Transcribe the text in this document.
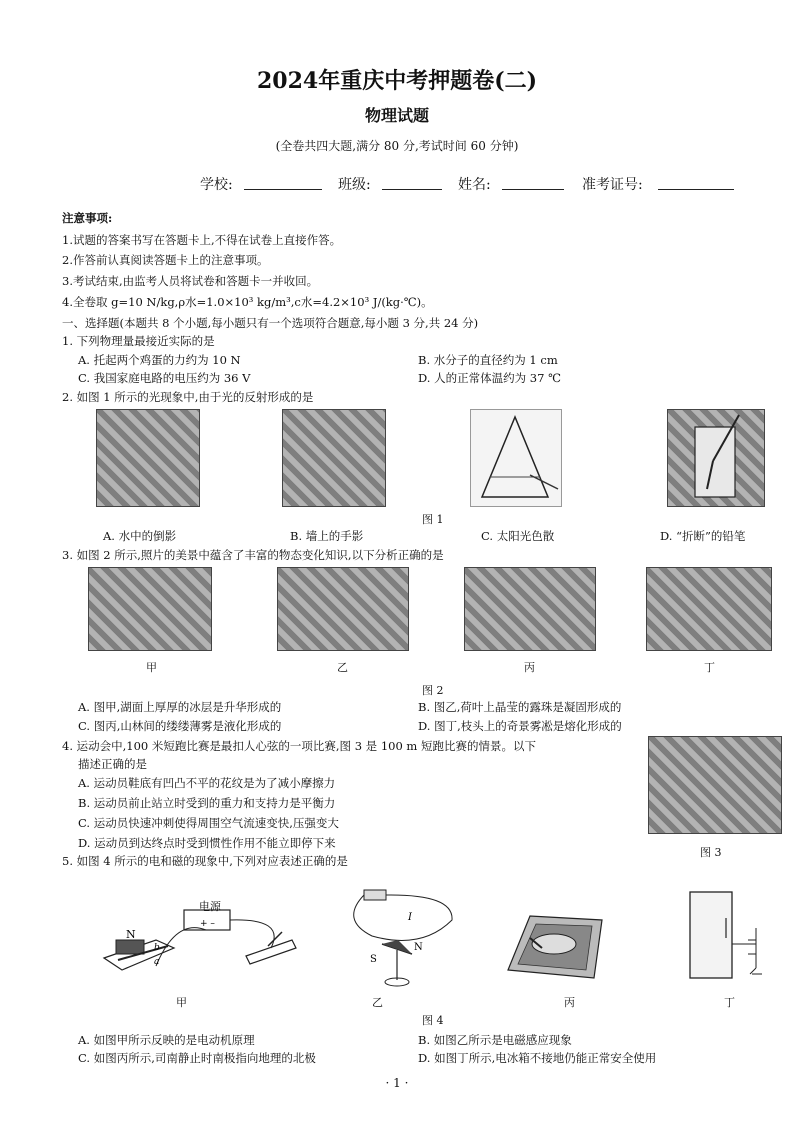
2024年重庆中考押题卷(二)
物理试题
(全卷共四大题,满分 80 分,考试时间 60 分钟)
学校:	班级:	姓名:	准考证号:
注意事项:
1.试题的答案书写在答题卡上,不得在试卷上直接作答。
2.作答前认真阅读答题卡上的注意事项。
3.考试结束,由监考人员将试卷和答题卡一并收回。
4.全卷取 g=10 N/kg,ρ水=1.0×10³ kg/m³,c水=4.2×10³ J/(kg·℃)。
一、选择题(本题共 8 个小题,每小题只有一个选项符合题意,每小题 3 分,共 24 分)
1. 下列物理量最接近实际的是
A. 托起两个鸡蛋的力约为 10 N	B. 水分子的直径约为 1 cm
C. 我国家庭电路的电压约为 36 V	D. 人的正常体温约为 37 ℃
2. 如图 1 所示的光现象中,由于光的反射形成的是
A. 水中的倒影	B. 墙上的手影
图 1
C. 太阳光色散	D. “折断”的铅笔
3. 如图 2 所示,照片的美景中蕴含了丰富的物态变化知识,以下分析正确的是
甲	乙	丙	丁
图 2
A. 图甲,湖面上厚厚的冰层是升华形成的	B. 图乙,荷叶上晶莹的露珠是凝固形成的
C. 图丙,山林间的缕缕薄雾是液化形成的	D. 图丁,枝头上的奇景雾凇是熔化形成的
4. 运动会中,100 米短跑比赛是最扣人心弦的一项比赛,图 3 是 100 m 短跑比赛的情景。以下
描述正确的是
A. 运动员鞋底有凹凸不平的花纹是为了减小摩擦力
B. 运动员前止站立时受到的重力和支持力是平衡力
C. 运动员快速冲刺使得周围空气流速变快,压强变大
D. 运动员到达终点时受到惯性作用不能立即停下来
图 3
5. 如图 4 所示的电和磁的现象中,下列对应表述正确的是
N
b
a
+ –
电源
S
N
I
甲	乙	丙	丁
图 4
A. 如图甲所示反映的是电动机原理	B. 如图乙所示是电磁感应现象
C. 如图丙所示,司南静止时南极指向地理的北极	D. 如图丁所示,电冰箱不接地仍能正常安全使用
· 1 ·
